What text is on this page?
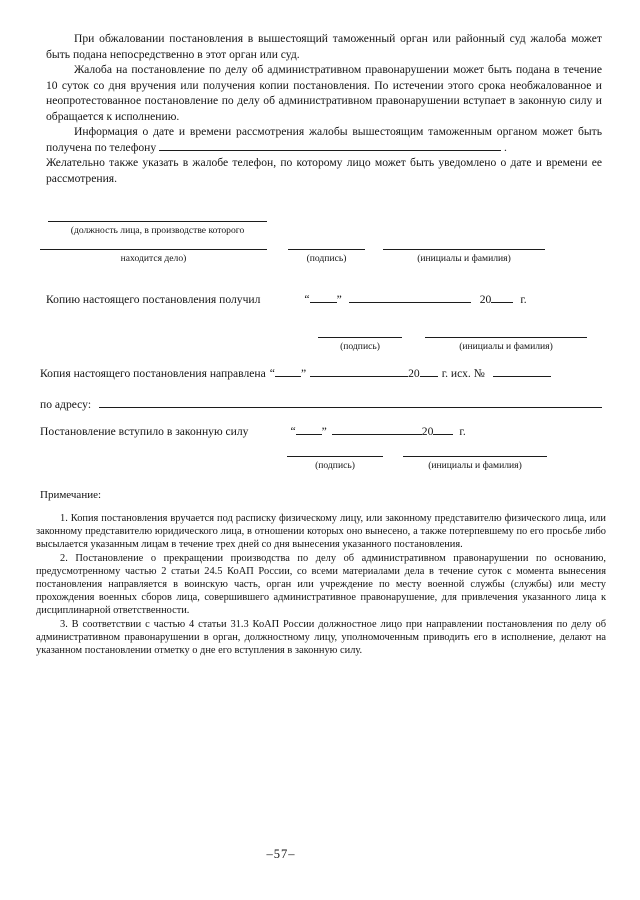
При обжаловании постановления в вышестоящий таможенный орган или районный суд жалоба может быть подана непосредственно в этот орган или суд.

Жалоба на постановление по делу об административном правонарушении может быть подана в течение 10 суток со дня вручения или получения копии постановления. По истечении этого срока необжалованное и неопротестованное постановление по делу об административном правонарушении вступает в законную силу и обращается к исполнению.

Информация о дате и времени рассмотрения жалобы вышестоящим таможенным органом может быть получена по телефону	.

Желательно также указать в жалобе телефон, по которому лицо может быть уведомлено о дате и времени ее рассмотрения.

(должность лица, в производстве которого
находится дело)	(подпись)	(инициалы и фамилия)
Копию настоящего постановления получил	“ ”	20	г.
(подпись)	(инициалы и фамилия)
Копия настоящего постановления направлена “ ”	20 г. исх. №
по адресу:
Постановление вступило в законную силу	“ ”	20 г.
(подпись)	(инициалы и фамилия)
Примечание:

1. Копия постановления вручается под расписку физическому лицу, или законному представителю физического лица, или законному представителю юридического лица, в отношении которых оно вынесено, а также потерпевшему по его просьбе либо высылается указанным лицам в течение трех дней со дня вынесения указанного постановления.

2. Постановление о прекращении производства по делу об административном правонарушении по основанию, предусмотренному частью 2 статьи 24.5 КоАП России, со всеми материалами дела в течение суток с момента вынесения постановления направляется в воинскую часть, орган или учреждение по месту военной службы (службы) или месту прохождения военных сборов лица, совершившего административное правонарушение, для привлечения указанного лица к дисциплинарной ответственности.

3. В соответствии с частью 4 статьи 31.3 КоАП России должностное лицо при направлении постановления по делу об административном правонарушении в орган, должностному лицу, уполномоченным приводить его в исполнение, делают на указанном постановлении отметку о дне его вступления в законную силу.

–57–
